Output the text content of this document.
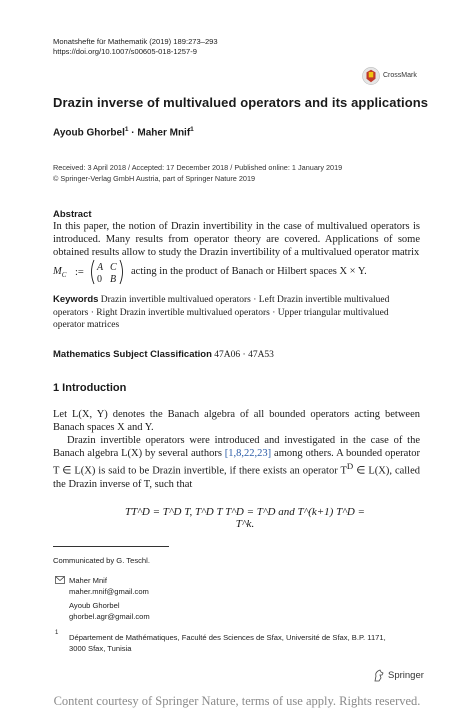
Monatshefte für Mathematik (2019) 189:273–293
https://doi.org/10.1007/s00605-018-1257-9
CrossMark
Drazin inverse of multivalued operators and its applications
Ayoub Ghorbel$^1$ · Maher Mnif$^1$
Received: 3 April 2018 / Accepted: 17 December 2018 / Published online: 1 January 2019
© Springer-Verlag GmbH Austria, part of Springer Nature 2019
Abstract

In this paper, the notion of Drazin invertibility in the case of multivalued operators is introduced. Many results from operator theory are covered. Applications of some obtained results allow to study the Drazin invertibility of a multivalued operator matrix

$M_C$ := A C
0 B
acting in the product of Banach or Hilbert spaces X × Y.
Keywords Drazin invertible multivalued operators · Left Drazin invertible multivalued operators · Right Drazin invertible multivalued operators · Upper triangular multivalued operator matrices
Mathematics Subject Classification 47A06 · 47A53
1 Introduction

Let L(X, Y) denotes the Banach algebra of all bounded operators acting between Banach spaces X and Y.

Drazin invertible operators were introduced and investigated in the case of the Banach algebra L(X) by several authors [1,8,22,23] among others. A bounded operator T ∈ L(X) is said to be Drazin invertible, if there exists an operator $T^D$ ∈ L(X), called the Drazin inverse of T, such that

TT^D = T^D T, T^D T T^D = T^D and T^(k+1) T^D = T^k.
Communicated by G. Teschl.
Maher Mnif
maher.mnif@gmail.com
Ayoub Ghorbel
ghorbel.agr@gmail.com
1 Département de Mathématiques, Faculté des Sciences de Sfax, Université de Sfax, B.P. 1171,
3000 Sfax, Tunisia
Springer
Content courtesy of Springer Nature, terms of use apply. Rights reserved.
